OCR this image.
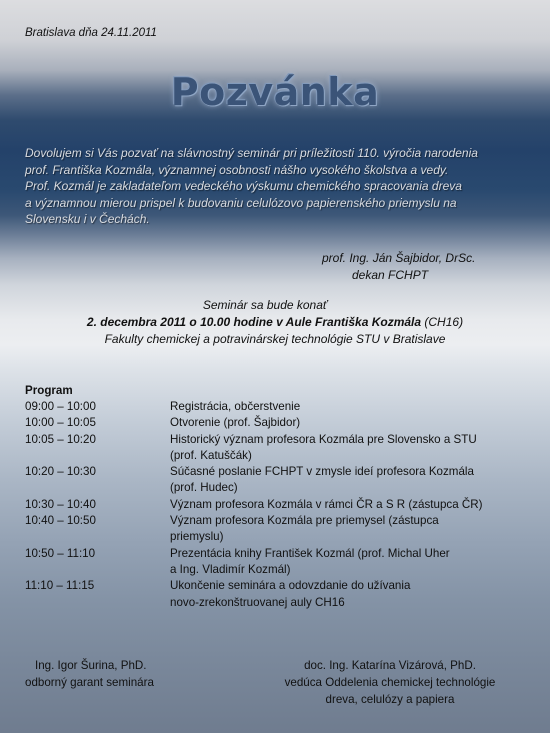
Bratislava dňa 24.11.2011
Pozvánka
Dovolujem si Vás pozvať na slávnostný seminár pri príležitosti 110. výročia narodenia
prof. Františka Kozmála, významnej osobnosti nášho vysokého školstva a vedy.
Prof. Kozmál je zakladateľom vedeckého výskumu chemického spracovania dreva
a významnou mierou prispel k budovaniu celulózovo papierenského priemyslu na
Slovensku i v Čechách.
prof. Ing. Ján Šajbidor, DrSc.
dekan FCHPT
Seminár sa bude konať
2. decembra 2011 o 10.00 hodine v Aule Františka Kozmála (CH16)
Fakulty chemickej a potravinárskej technológie STU v Bratislave
Program
09:00 – 10:00	Registrácia, občerstvenie
10:00 – 10:05	Otvorenie (prof. Šajbidor)
10:05 – 10:20	Historický význam profesora Kozmála pre Slovensko a STU
(prof. Katuščák)
10:20 – 10:30	Súčasné poslanie FCHPT v zmysle ideí profesora Kozmála
(prof. Hudec)
10:30 – 10:40	Význam profesora Kozmála v rámci ČR a S R (zástupca ČR)
10:40 – 10:50	Význam profesora Kozmála pre priemysel (zástupca
priemyslu)
10:50 – 11:10	Prezentácia knihy František Kozmál (prof. Michal Uher
a Ing. Vladimír Kozmál)
11:10 – 11:15	Ukončenie seminára a odovzdanie do užívania
novo-zrekonštruovanej auly CH16
Ing. Igor Šurina, PhD.
odborný garant seminára
doc. Ing. Katarína Vizárová, PhD.
vedúca Oddelenia chemickej technológie
dreva, celulózy a papiera
